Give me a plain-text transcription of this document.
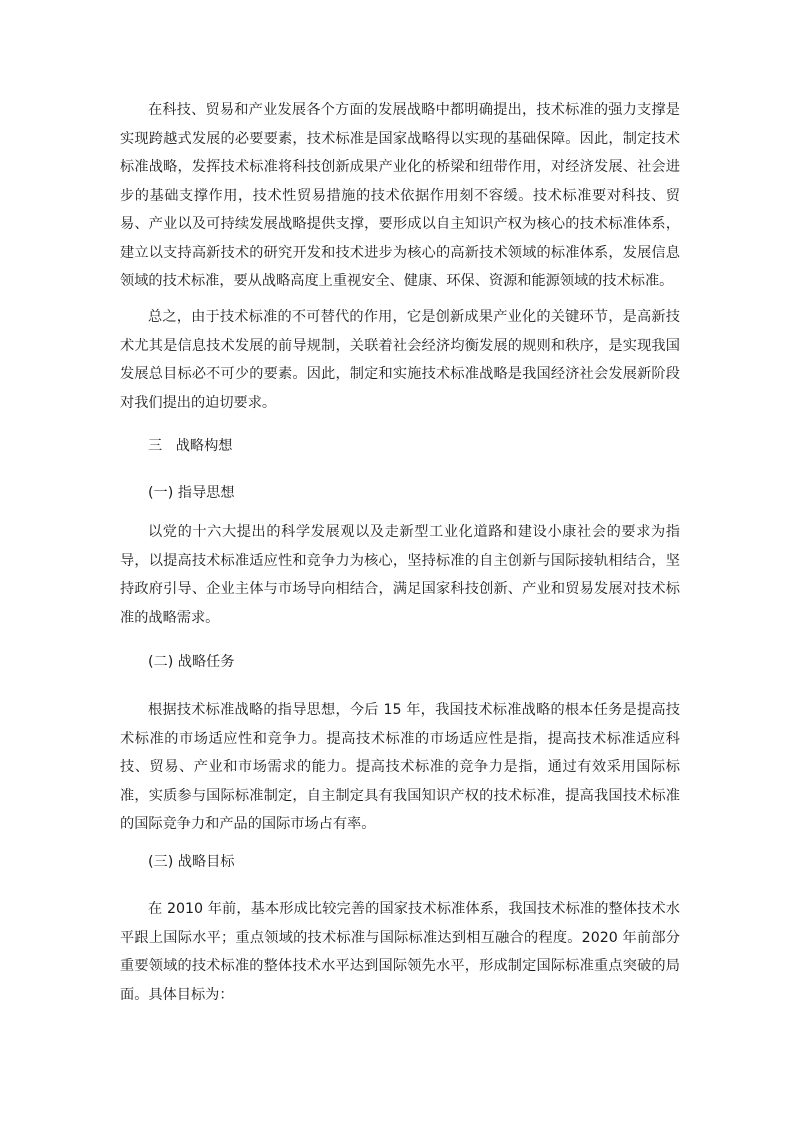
在科技、贸易和产业发展各个方面的发展战略中都明确提出，技术标准的强力支撑是实现跨越式发展的必要要素，技术标准是国家战略得以实现的基础保障。因此，制定技术标准战略，发挥技术标准将科技创新成果产业化的桥梁和纽带作用，对经济发展、社会进步的基础支撑作用，技术性贸易措施的技术依据作用刻不容缓。技术标准要对科技、贸易、产业以及可持续发展战略提供支撑，要形成以自主知识产权为核心的技术标准体系，建立以支持高新技术的研究开发和技术进步为核心的高新技术领域的标准体系，发展信息领域的技术标准，要从战略高度上重视安全、健康、环保、资源和能源领域的技术标准。

总之，由于技术标准的不可替代的作用，它是创新成果产业化的关键环节，是高新技术尤其是信息技术发展的前导规制，关联着社会经济均衡发展的规则和秩序，是实现我国发展总目标必不可少的要素。因此，制定和实施技术标准战略是我国经济社会发展新阶段对我们提出的迫切要求。

三   战略构想

(一) 指导思想

以党的十六大提出的科学发展观以及走新型工业化道路和建设小康社会的要求为指导，以提高技术标准适应性和竞争力为核心，坚持标准的自主创新与国际接轨相结合，坚持政府引导、企业主体与市场导向相结合，满足国家科技创新、产业和贸易发展对技术标准的战略需求。

(二) 战略任务

根据技术标准战略的指导思想，今后 15 年，我国技术标准战略的根本任务是提高技术标准的市场适应性和竞争力。提高技术标准的市场适应性是指，提高技术标准适应科技、贸易、产业和市场需求的能力。提高技术标准的竞争力是指，通过有效采用国际标准，实质参与国际标准制定，自主制定具有我国知识产权的技术标准，提高我国技术标准的国际竞争力和产品的国际市场占有率。

(三) 战略目标

在 2010 年前，基本形成比较完善的国家技术标准体系，我国技术标准的整体技术水平跟上国际水平；重点领域的技术标准与国际标准达到相互融合的程度。2020 年前部分重要领域的技术标准的整体技术水平达到国际领先水平，形成制定国际标准重点突破的局面。具体目标为：
